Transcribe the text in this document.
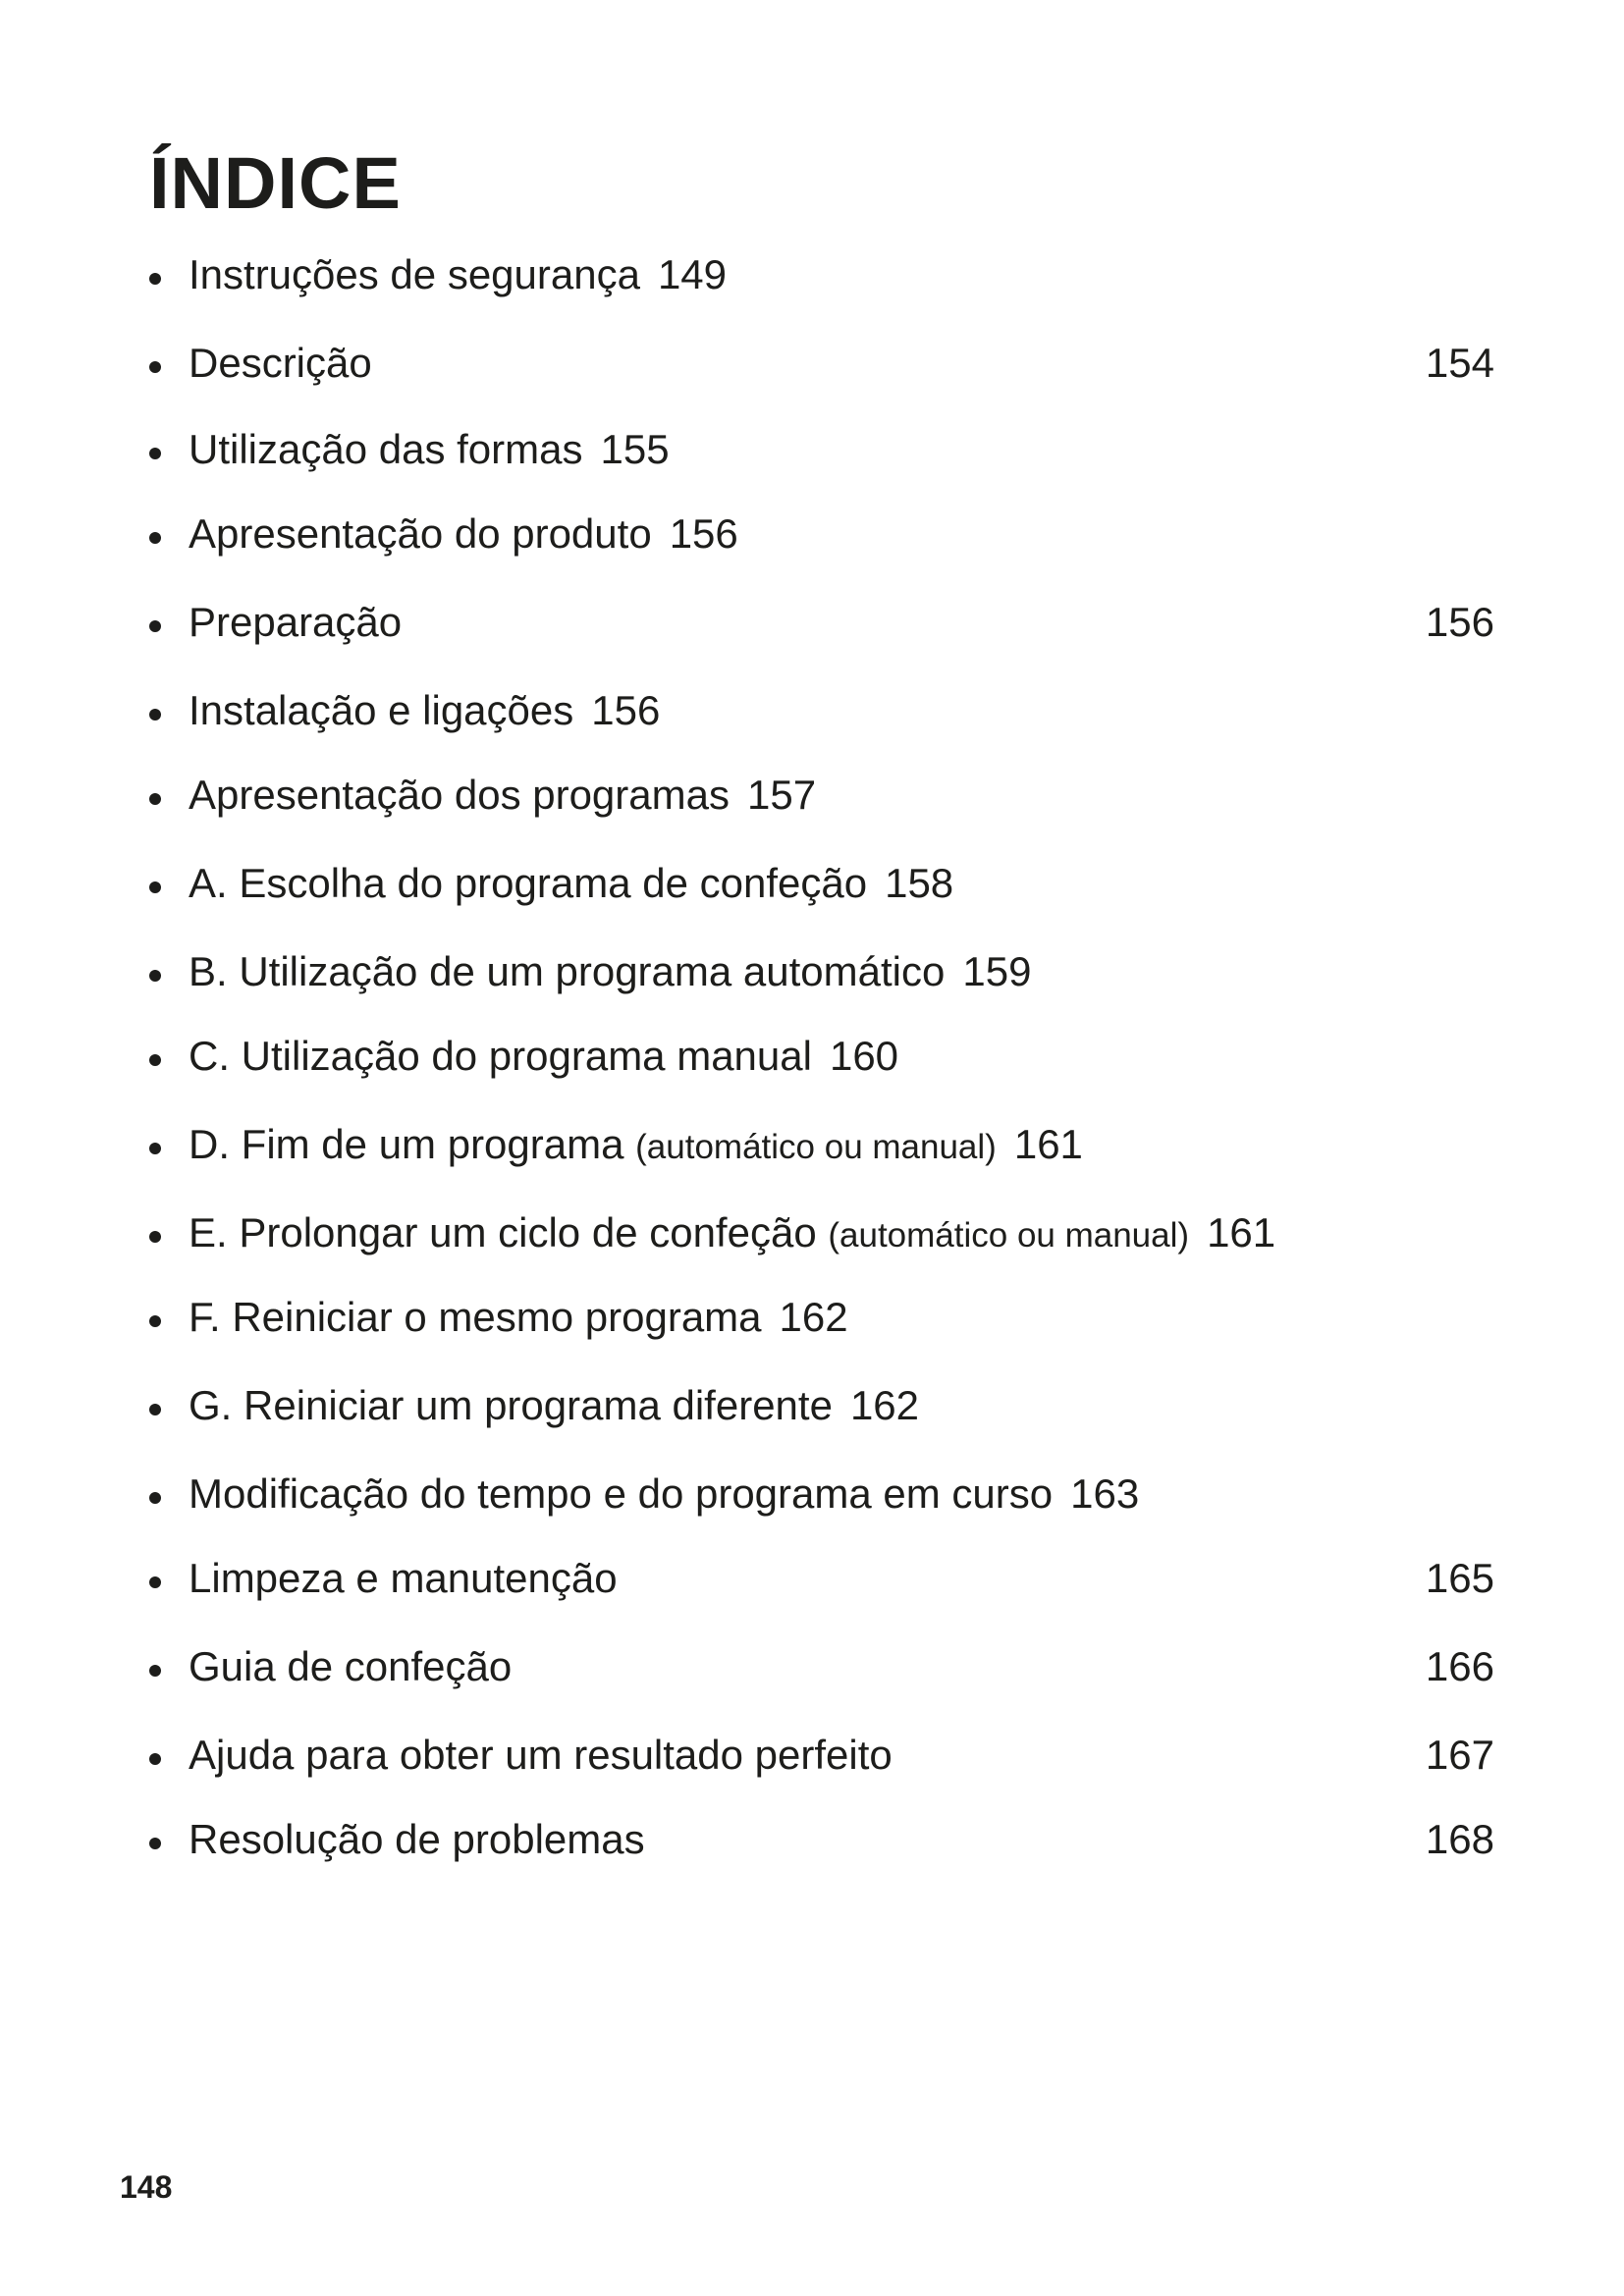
ÍNDICE
Instruções de segurança 149
Descrição	154
Utilização das formas 155
Apresentação do produto 156
Preparação	156
Instalação e ligações 156
Apresentação dos programas 157
A. Escolha do programa de confeção 158
B. Utilização de um programa automático 159
C. Utilização do programa manual 160
D. Fim de um programa (automático ou manual) 161
E. Prolongar um ciclo de confeção (automático ou manual) 161
F. Reiniciar o mesmo programa 162
G. Reiniciar um programa diferente 162
Modificação do tempo e do programa em curso 163
Limpeza e manutenção	165
Guia de confeção	166
Ajuda para obter um resultado perfeito	167
Resolução de problemas	168

148
